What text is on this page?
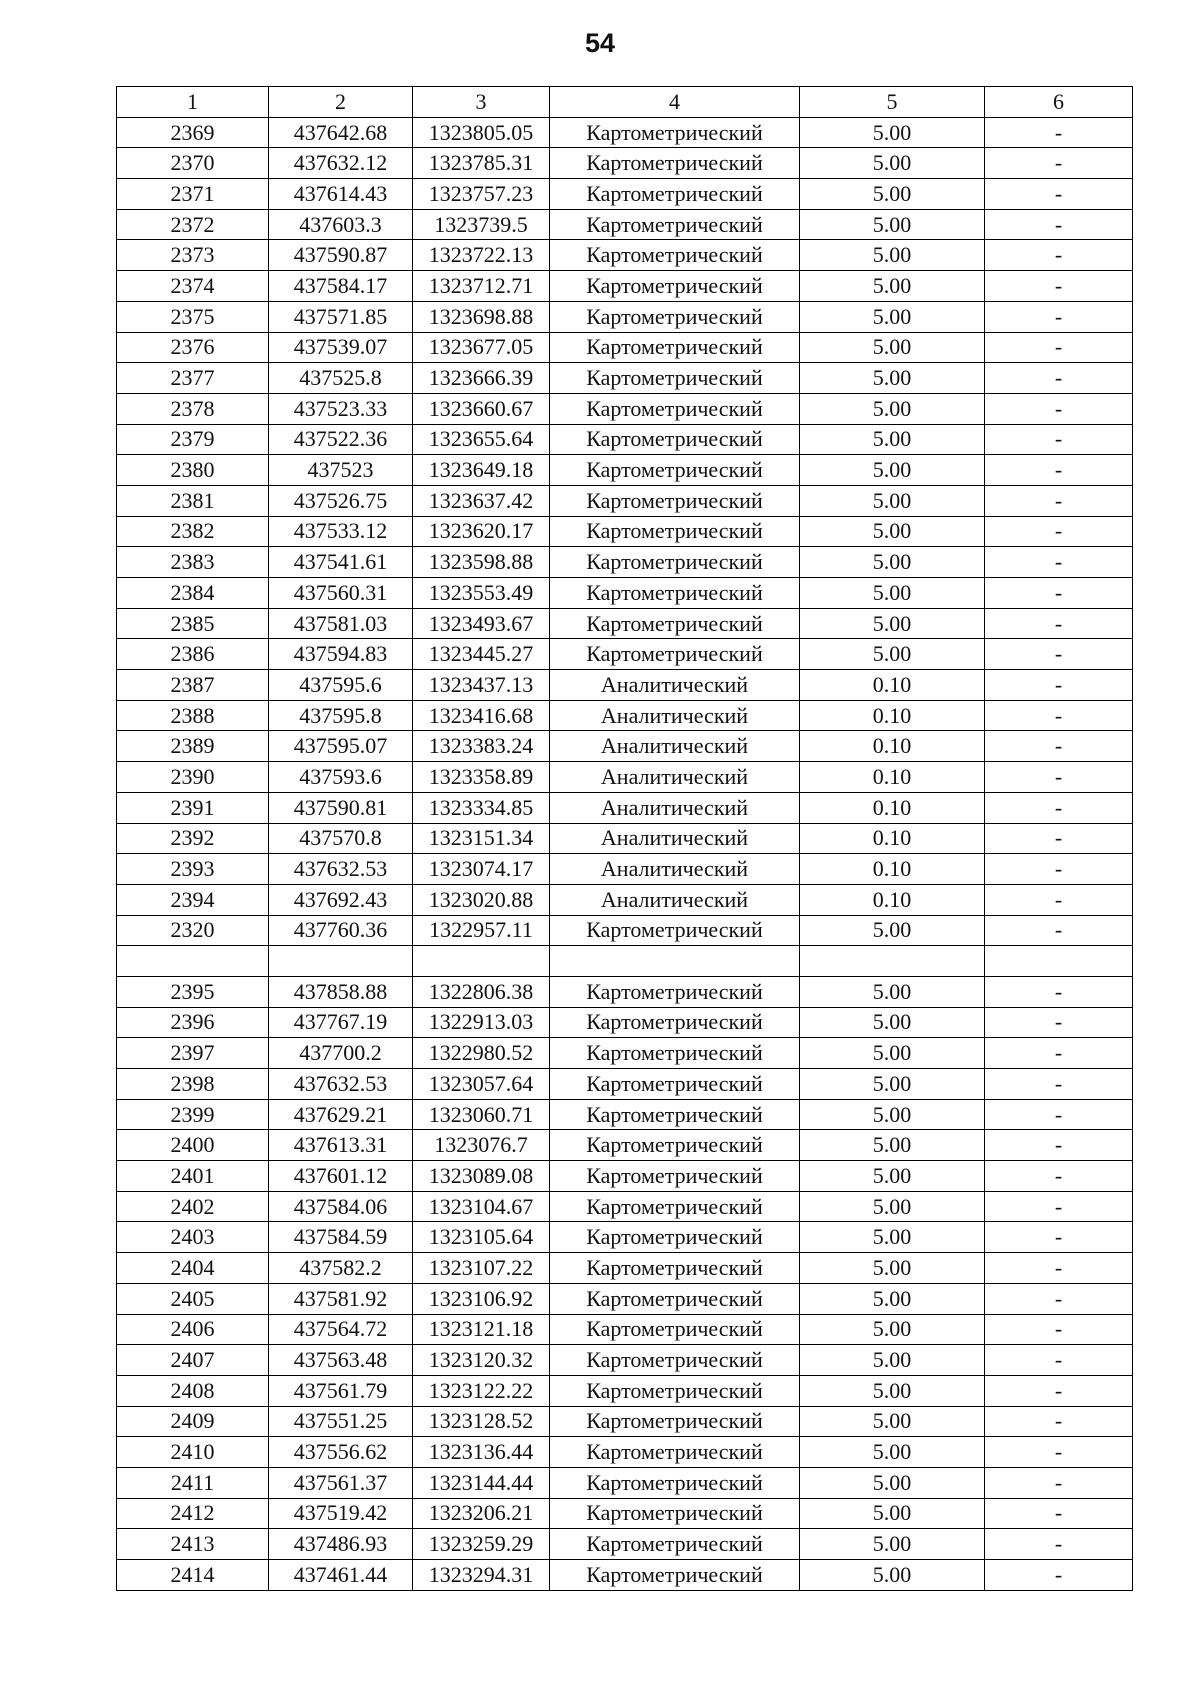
54
1	2	3	4	5	6
2369	437642.68	1323805.05	Картометрический	5.00	-
2370	437632.12	1323785.31	Картометрический	5.00	-
2371	437614.43	1323757.23	Картометрический	5.00	-
2372	437603.3	1323739.5	Картометрический	5.00	-
2373	437590.87	1323722.13	Картометрический	5.00	-
2374	437584.17	1323712.71	Картометрический	5.00	-
2375	437571.85	1323698.88	Картометрический	5.00	-
2376	437539.07	1323677.05	Картометрический	5.00	-
2377	437525.8	1323666.39	Картометрический	5.00	-
2378	437523.33	1323660.67	Картометрический	5.00	-
2379	437522.36	1323655.64	Картометрический	5.00	-
2380	437523	1323649.18	Картометрический	5.00	-
2381	437526.75	1323637.42	Картометрический	5.00	-
2382	437533.12	1323620.17	Картометрический	5.00	-
2383	437541.61	1323598.88	Картометрический	5.00	-
2384	437560.31	1323553.49	Картометрический	5.00	-
2385	437581.03	1323493.67	Картометрический	5.00	-
2386	437594.83	1323445.27	Картометрический	5.00	-
2387	437595.6	1323437.13	Аналитический	0.10	-
2388	437595.8	1323416.68	Аналитический	0.10	-
2389	437595.07	1323383.24	Аналитический	0.10	-
2390	437593.6	1323358.89	Аналитический	0.10	-
2391	437590.81	1323334.85	Аналитический	0.10	-
2392	437570.8	1323151.34	Аналитический	0.10	-
2393	437632.53	1323074.17	Аналитический	0.10	-
2394	437692.43	1323020.88	Аналитический	0.10	-
2320	437760.36	1322957.11	Картометрический	5.00	-

2395	437858.88	1322806.38	Картометрический	5.00	-
2396	437767.19	1322913.03	Картометрический	5.00	-
2397	437700.2	1322980.52	Картометрический	5.00	-
2398	437632.53	1323057.64	Картометрический	5.00	-
2399	437629.21	1323060.71	Картометрический	5.00	-
2400	437613.31	1323076.7	Картометрический	5.00	-
2401	437601.12	1323089.08	Картометрический	5.00	-
2402	437584.06	1323104.67	Картометрический	5.00	-
2403	437584.59	1323105.64	Картометрический	5.00	-
2404	437582.2	1323107.22	Картометрический	5.00	-
2405	437581.92	1323106.92	Картометрический	5.00	-
2406	437564.72	1323121.18	Картометрический	5.00	-
2407	437563.48	1323120.32	Картометрический	5.00	-
2408	437561.79	1323122.22	Картометрический	5.00	-
2409	437551.25	1323128.52	Картометрический	5.00	-
2410	437556.62	1323136.44	Картометрический	5.00	-
2411	437561.37	1323144.44	Картометрический	5.00	-
2412	437519.42	1323206.21	Картометрический	5.00	-
2413	437486.93	1323259.29	Картометрический	5.00	-
2414	437461.44	1323294.31	Картометрический	5.00	-
